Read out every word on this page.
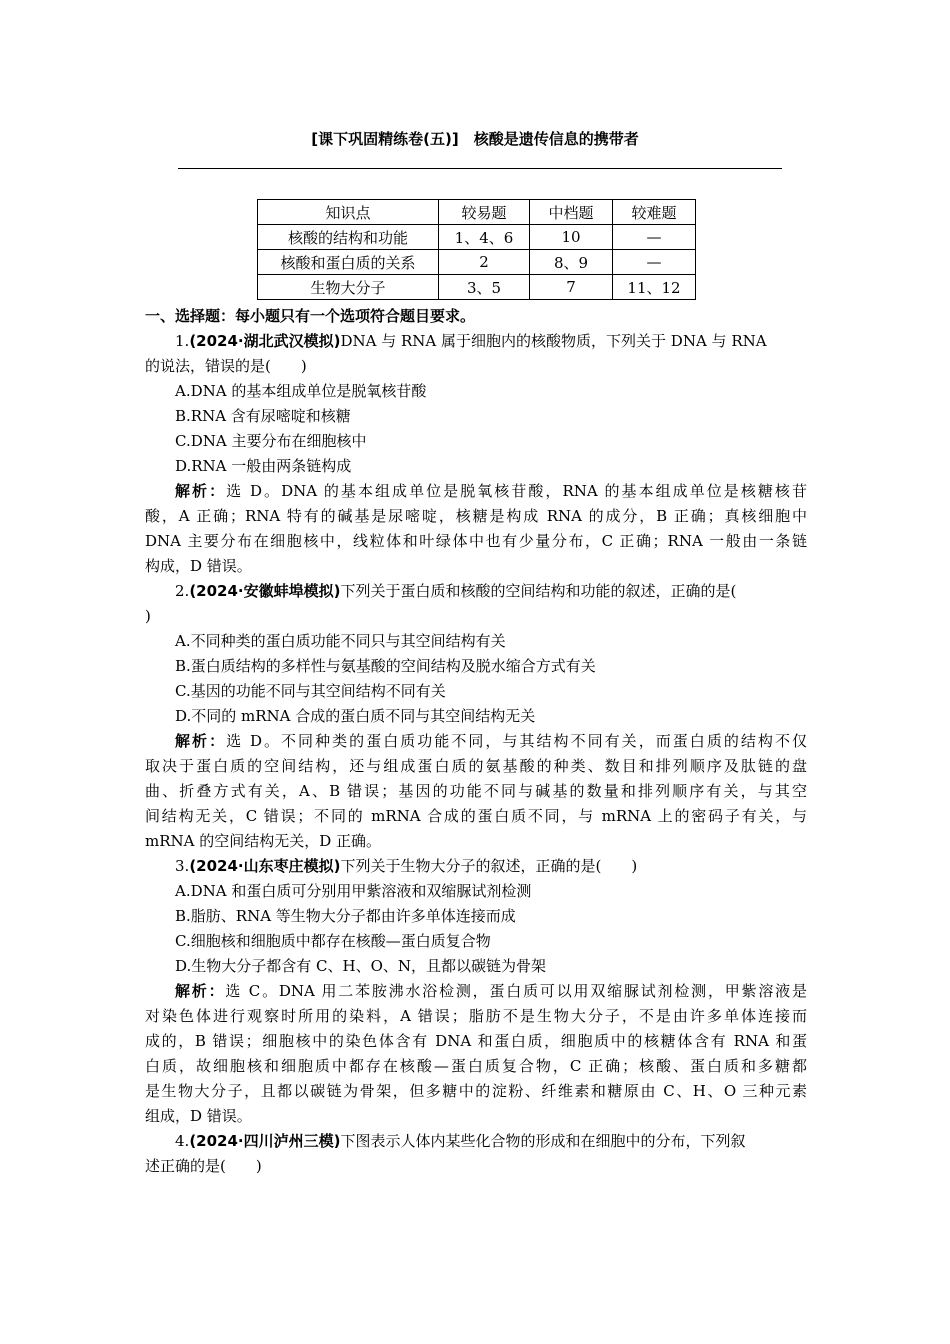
[课下巩固精练卷(五)]　核酸是遗传信息的携带者
知识点	较易题	中档题	较难题
核酸的结构和功能	1、4、6	10	—
核酸和蛋白质的关系	2	8、9	—
生物大分子	3、5	7	11、12
一、选择题：每小题只有一个选项符合题目要求。
1.(2024·湖北武汉模拟)DNA 与 RNA 属于细胞内的核酸物质，下列关于 DNA 与 RNA
的说法，错误的是(　　)
A.DNA 的基本组成单位是脱氧核苷酸
B.RNA 含有尿嘧啶和核糖
C.DNA 主要分布在细胞核中
D.RNA 一般由两条链构成
解析：选 D。DNA 的基本组成单位是脱氧核苷酸，RNA 的基本组成单位是核糖核苷
酸，A 正确；RNA 特有的碱基是尿嘧啶，核糖是构成 RNA 的成分，B 正确；真核细胞中
DNA 主要分布在细胞核中，线粒体和叶绿体中也有少量分布，C 正确；RNA 一般由一条链
构成，D 错误。
2.(2024·安徽蚌埠模拟)下列关于蛋白质和核酸的空间结构和功能的叙述，正确的是(
)
A.不同种类的蛋白质功能不同只与其空间结构有关
B.蛋白质结构的多样性与氨基酸的空间结构及脱水缩合方式有关
C.基因的功能不同与其空间结构不同有关
D.不同的 mRNA 合成的蛋白质不同与其空间结构无关
解析：选 D。不同种类的蛋白质功能不同，与其结构不同有关，而蛋白质的结构不仅
取决于蛋白质的空间结构，还与组成蛋白质的氨基酸的种类、数目和排列顺序及肽链的盘
曲、折叠方式有关，A、B 错误；基因的功能不同与碱基的数量和排列顺序有关，与其空
间结构无关，C 错误；不同的 mRNA 合成的蛋白质不同，与 mRNA 上的密码子有关，与
mRNA 的空间结构无关，D 正确。
3.(2024·山东枣庄模拟)下列关于生物大分子的叙述，正确的是(　　)
A.DNA 和蛋白质可分别用甲紫溶液和双缩脲试剂检测
B.脂肪、RNA 等生物大分子都由许多单体连接而成
C.细胞核和细胞质中都存在核酸—蛋白质复合物
D.生物大分子都含有 C、H、O、N，且都以碳链为骨架
解析：选 C。DNA 用二苯胺沸水浴检测，蛋白质可以用双缩脲试剂检测，甲紫溶液是
对染色体进行观察时所用的染料，A 错误；脂肪不是生物大分子，不是由许多单体连接而
成的，B 错误；细胞核中的染色体含有 DNA 和蛋白质，细胞质中的核糖体含有 RNA 和蛋
白质，故细胞核和细胞质中都存在核酸—蛋白质复合物，C 正确；核酸、蛋白质和多糖都
是生物大分子，且都以碳链为骨架，但多糖中的淀粉、纤维素和糖原由 C、H、O 三种元素
组成，D 错误。
4.(2024·四川泸州三模)下图表示人体内某些化合物的形成和在细胞中的分布，下列叙
述正确的是(　　)
